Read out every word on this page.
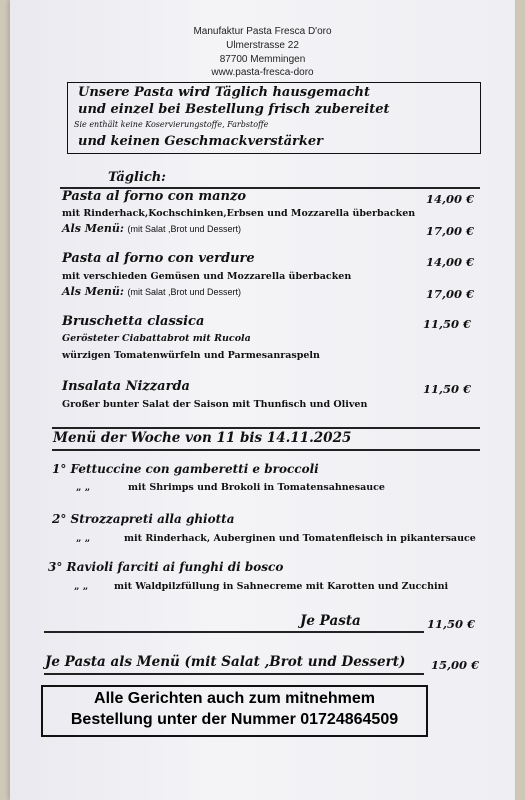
Manufaktur Pasta Fresca D'oro
Ulmerstrasse 22
87700 Memmingen
www.pasta-fresca-doro
Unsere Pasta wird Täglich hausgemacht
und einzel bei Bestellung frisch zubereitet
Sie enthält keine Koservierungstoffe, Farbstoffe
und keinen Geschmackverstärker
Täglich:
Pasta al forno con manzo	14,00 €
mit Rinderhack,Kochschinken,Erbsen und Mozzarella überbacken
Als Menü: (mit Salat ,Brot und Dessert)	17,00 €
Pasta al forno con verdure	14,00 €
mit verschieden Gemüsen und Mozzarella überbacken
Als Menü: (mit Salat ,Brot und Dessert)	17,00 €
Bruschetta classica	11,50 €
Gerösteter Ciabattabrot mit Rucola
würzigen Tomatenwürfeln und Parmesanraspeln
Insalata Nizzarda	11,50 €
Großer bunter Salat der Saison mit Thunfisch und Oliven
Menü der Woche von 11 bis 14.11.2025
1° Fettuccine con gamberetti e broccoli
„ „	mit Shrimps und Brokoli in Tomatensahnesauce
2° Strozzapreti alla ghiotta
„ „	mit Rinderhack, Auberginen und Tomatenfleisch in pikantersauce
3° Ravioli farciti ai funghi di bosco
„ „	mit Waldpilzfüllung in Sahnecreme mit Karotten und Zucchini
Je Pasta	11,50 €
Je Pasta als Menü (mit Salat ,Brot und Dessert) 15,00 €
Alle Gerichten auch zum mitnehmem
Bestellung unter der Nummer 01724864509
